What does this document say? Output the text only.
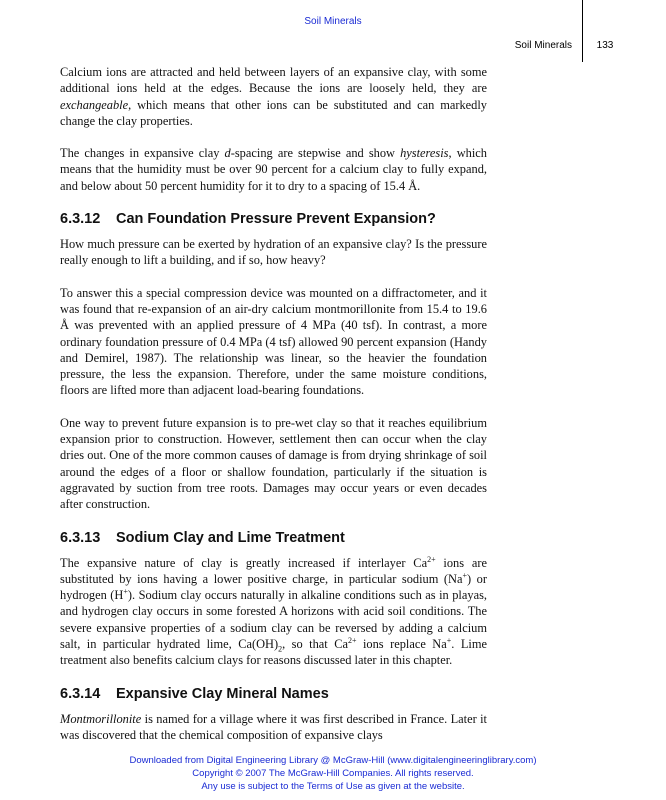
Soil Minerals
Soil Minerals	133

Calcium ions are attracted and held between layers of an expansive clay, with some additional ions held at the edges. Because the ions are loosely held, they are exchangeable, which means that other ions can be substituted and can markedly change the clay properties.

The changes in expansive clay d-spacing are stepwise and show hysteresis, which means that the humidity must be over 90 percent for a calcium clay to fully expand, and below about 50 percent humidity for it to dry to a spacing of 15.4 Å.

6.3.12 Can Foundation Pressure Prevent Expansion?

How much pressure can be exerted by hydration of an expansive clay? Is the pressure really enough to lift a building, and if so, how heavy?

To answer this a special compression device was mounted on a diffractometer, and it was found that re-expansion of an air-dry calcium montmorillonite from 15.4 to 19.6 Å was prevented with an applied pressure of 4 MPa (40 tsf). In contrast, a more ordinary foundation pressure of 0.4 MPa (4 tsf) allowed 90 percent expansion (Handy and Demirel, 1987). The relationship was linear, so the heavier the foundation pressure, the less the expansion. Therefore, under the same moisture conditions, floors are lifted more than adjacent load-bearing foundations.

One way to prevent future expansion is to pre-wet clay so that it reaches equilibrium expansion prior to construction. However, settlement then can occur when the clay dries out. One of the more common causes of damage is from drying shrinkage of soil around the edges of a floor or shallow foundation, particularly if the situation is aggravated by suction from tree roots. Damages may occur years or even decades after construction.

6.3.13 Sodium Clay and Lime Treatment

The expansive nature of clay is greatly increased if interlayer $Ca^{2+}$ ions are substituted by ions having a lower positive charge, in particular sodium (Na+) or hydrogen (H+). Sodium clay occurs naturally in alkaline conditions such as in playas, and hydrogen clay occurs in some forested A horizons with acid soil conditions. The severe expansive properties of a sodium clay can be reversed by adding a calcium salt, in particular hydrated lime, $Ca(OH)_2$, so that $Ca^{2+}$ ions replace Na+. Lime treatment also benefits calcium clays for reasons discussed later in this chapter.

6.3.14 Expansive Clay Mineral Names

Montmorillonite is named for a village where it was first described in France. Later it was discovered that the chemical composition of expansive clays

Downloaded from Digital Engineering Library @ McGraw-Hill (www.digitalengineeringlibrary.com)
Copyright © 2007 The McGraw-Hill Companies. All rights reserved.
Any use is subject to the Terms of Use as given at the website.
